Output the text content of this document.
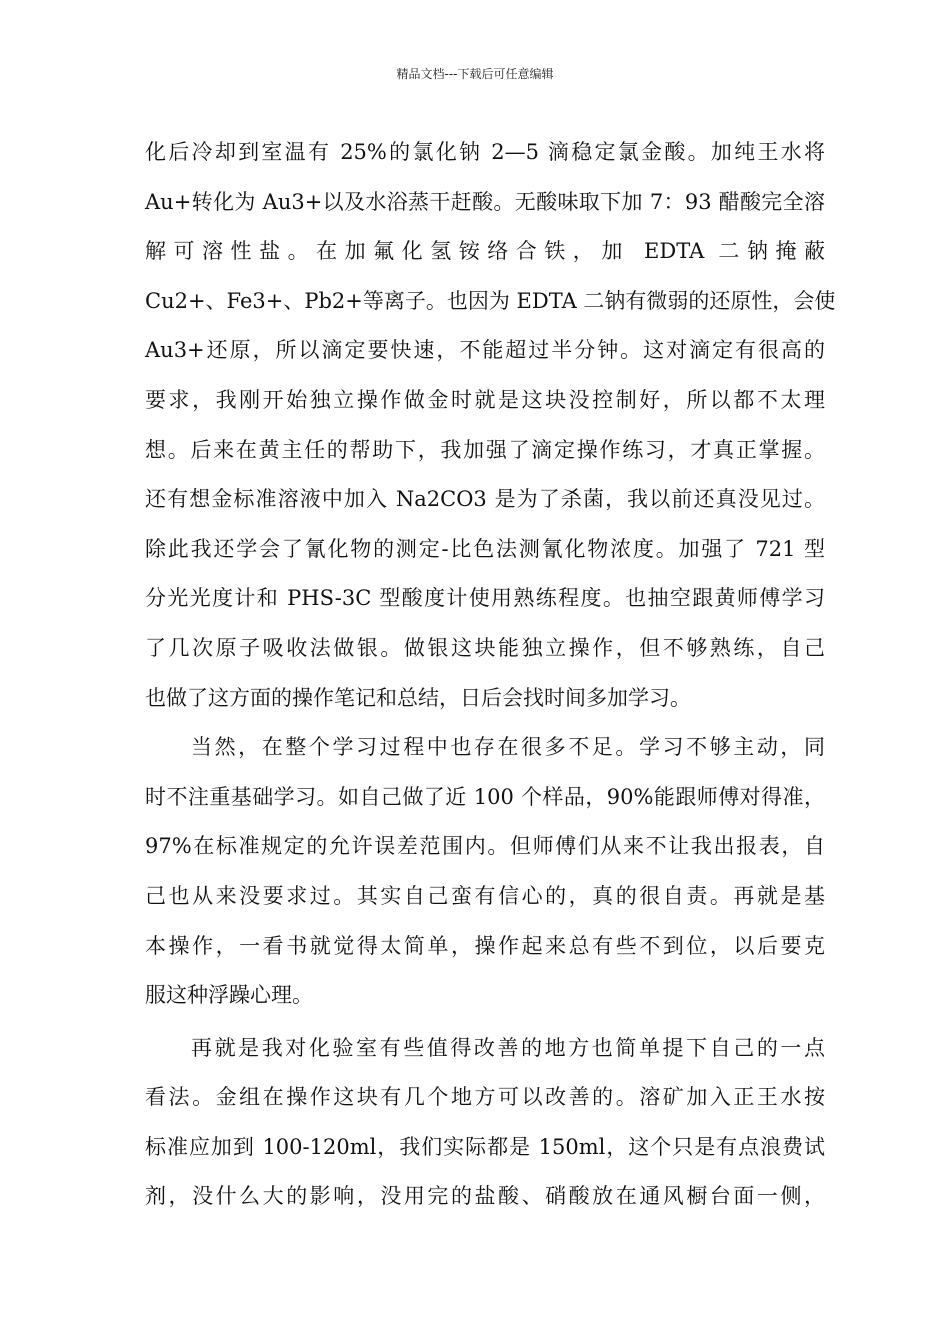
精品文档---下载后可任意编辑
化后冷却到室温有 25%的氯化钠 2—5 滴稳定氯金酸。加纯王水将
Au+转化为 Au3+以及水浴蒸干赶酸。无酸味取下加 7：93 醋酸完全溶
解可溶性盐。在加氟化氢铵络合铁，加 EDTA 二钠掩蔽
Cu2+、Fe3+、Pb2+等离子。也因为 EDTA 二钠有微弱的还原性，会使
Au3+还原，所以滴定要快速，不能超过半分钟。这对滴定有很高的
要求，我刚开始独立操作做金时就是这块没控制好，所以都不太理
想。后来在黄主任的帮助下，我加强了滴定操作练习，才真正掌握。
还有想金标准溶液中加入 Na2CO3 是为了杀菌，我以前还真没见过。
除此我还学会了氰化物的测定-比色法测氰化物浓度。加强了 721 型
分光光度计和 PHS-3C 型酸度计使用熟练程度。也抽空跟黄师傅学习
了几次原子吸收法做银。做银这块能独立操作，但不够熟练，自己
也做了这方面的操作笔记和总结，日后会找时间多加学习。
当然，在整个学习过程中也存在很多不足。学习不够主动，同
时不注重基础学习。如自己做了近 100 个样品，90%能跟师傅对得准，
97%在标准规定的允许误差范围内。但师傅们从来不让我出报表，自
己也从来没要求过。其实自己蛮有信心的，真的很自责。再就是基
本操作，一看书就觉得太简单，操作起来总有些不到位，以后要克
服这种浮躁心理。
再就是我对化验室有些值得改善的地方也简单提下自己的一点
看法。金组在操作这块有几个地方可以改善的。溶矿加入正王水按
标准应加到 100-120ml，我们实际都是 150ml，这个只是有点浪费试
剂，没什么大的影响，没用完的盐酸、硝酸放在通风橱台面一侧，
